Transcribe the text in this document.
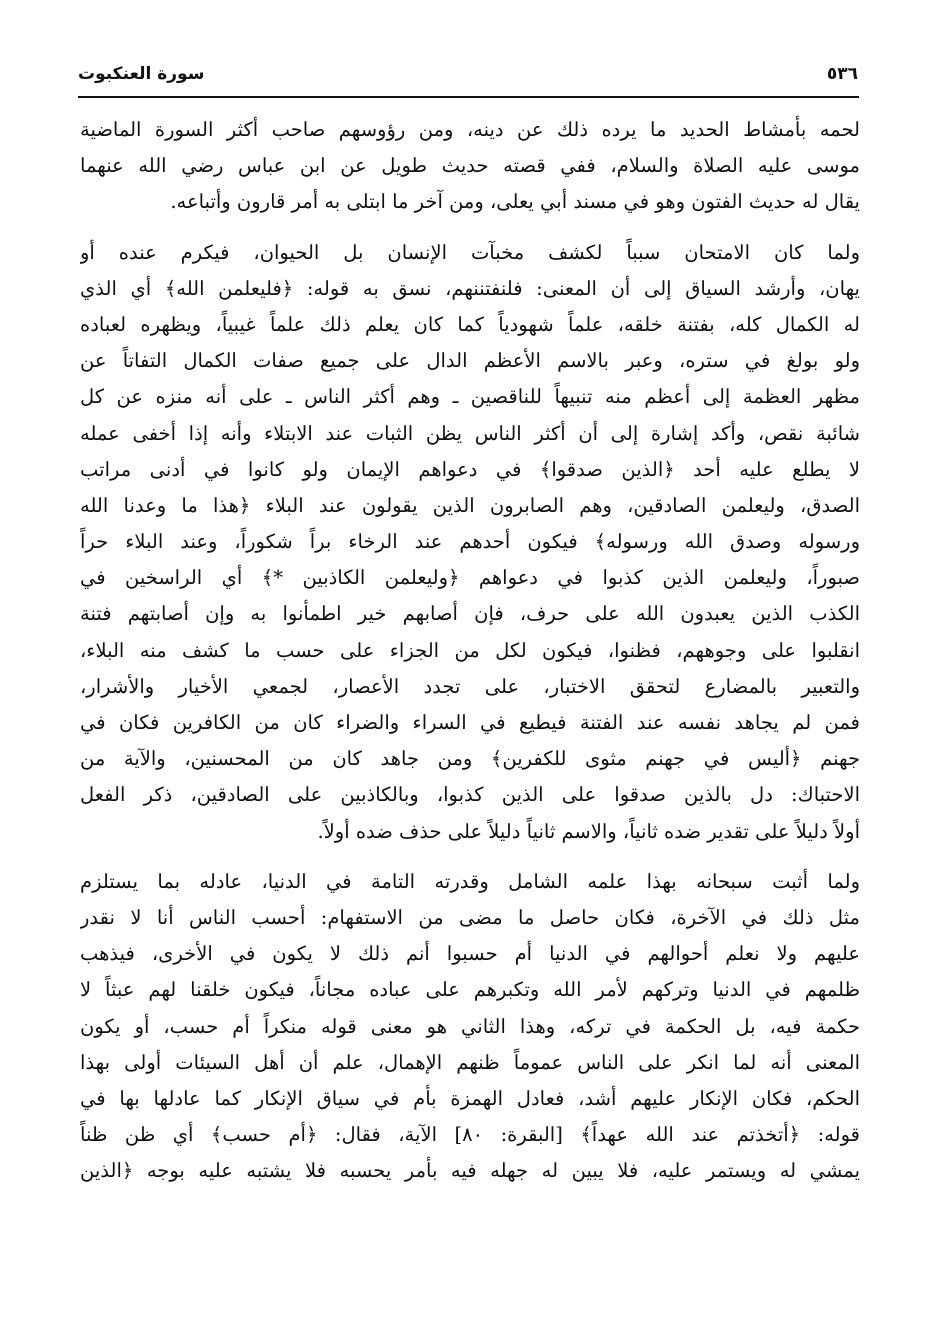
٥٣٦
سورة العنكبوت
لحمه بأمشاط الحديد ما يرده ذلك عن دينه، ومن رؤوسهم صاحب أكثر السورة الماضية
موسى عليه الصلاة والسلام، ففي قصته حديث طويل عن ابن عباس رضي الله عنهما
يقال له حديث الفتون وهو في مسند أبي يعلى، ومن آخر ما ابتلى به أمر قارون وأتباعه.
ولما كان الامتحان سبباً لكشف مخبآت الإنسان بل الحيوان، فيكرم عنده أو
يهان، وأرشد السياق إلى أن المعنى: فلنفتننهم، نسق به قوله: ﴿فليعلمن الله﴾ أي الذي
له الكمال كله، بفتنة خلقه، علماً شهودياً كما كان يعلم ذلك علماً غيبياً، ويظهره لعباده
ولو بولغ في ستره، وعبر بالاسم الأعظم الدال على جميع صفات الكمال التفاتاً عن
مظهر العظمة إلى أعظم منه تنبيهاً للناقصين ـ وهم أكثر الناس ـ على أنه منزه عن كل
شائبة نقص، وأكد إشارة إلى أن أكثر الناس يظن الثبات عند الابتلاء وأنه إذا أخفى عمله
لا يطلع عليه أحد ﴿الذين صدقوا﴾ في دعواهم الإيمان ولو كانوا في أدنى مراتب
الصدق، وليعلمن الصادقين، وهم الصابرون الذين يقولون عند البلاء ﴿هذا ما وعدنا الله
ورسوله وصدق الله ورسوله﴾ فيكون أحدهم عند الرخاء براً شكوراً، وعند البلاء حراً
صبوراً، وليعلمن الذين كذبوا في دعواهم ﴿وليعلمن الكاذبين *﴾ أي الراسخين في
الكذب الذين يعبدون الله على حرف، فإن أصابهم خير اطمأنوا به وإن أصابتهم فتنة
انقلبوا على وجوههم، فظنوا، فيكون لكل من الجزاء على حسب ما كشف منه البلاء،
والتعبير بالمضارع لتحقق الاختبار، على تجدد الأعصار، لجمعي الأخيار والأشرار،
فمن لم يجاهد نفسه عند الفتنة فيطيع في السراء والضراء كان من الكافرين فكان في
جهنم ﴿أليس في جهنم مثوى للكفرين﴾ ومن جاهد كان من المحسنين، والآية من
الاحتباك: دل بالذين صدقوا على الذين كذبوا، وبالكاذبين على الصادقين، ذكر الفعل
أولاً دليلاً على تقدير ضده ثانياً، والاسم ثانياً دليلاً على حذف ضده أولاً.
ولما أثبت سبحانه بهذا علمه الشامل وقدرته التامة في الدنيا، عادله بما يستلزم
مثل ذلك في الآخرة، فكان حاصل ما مضى من الاستفهام: أحسب الناس أنا لا نقدر
عليهم ولا نعلم أحوالهم في الدنيا أم حسبوا أنم ذلك لا يكون في الأخرى، فيذهب
ظلمهم في الدنيا وتركهم لأمر الله وتكبرهم على عباده مجاناً، فيكون خلقنا لهم عبثاً لا
حكمة فيه، بل الحكمة في تركه، وهذا الثاني هو معنى قوله منكراً أم حسب، أو يكون
المعنى أنه لما انكر على الناس عموماً ظنهم الإهمال، علم أن أهل السيئات أولى بهذا
الحكم، فكان الإنكار عليهم أشد، فعادل الهمزة بأم في سياق الإنكار كما عادلها بها في
قوله: ﴿أتخذتم عند الله عهداً﴾ [البقرة: ٨٠] الآية، فقال: ﴿أم حسب﴾ أي ظن ظناً
يمشي له ويستمر عليه، فلا يبين له جهله فيه بأمر يحسبه فلا يشتبه عليه بوجه ﴿الذين
